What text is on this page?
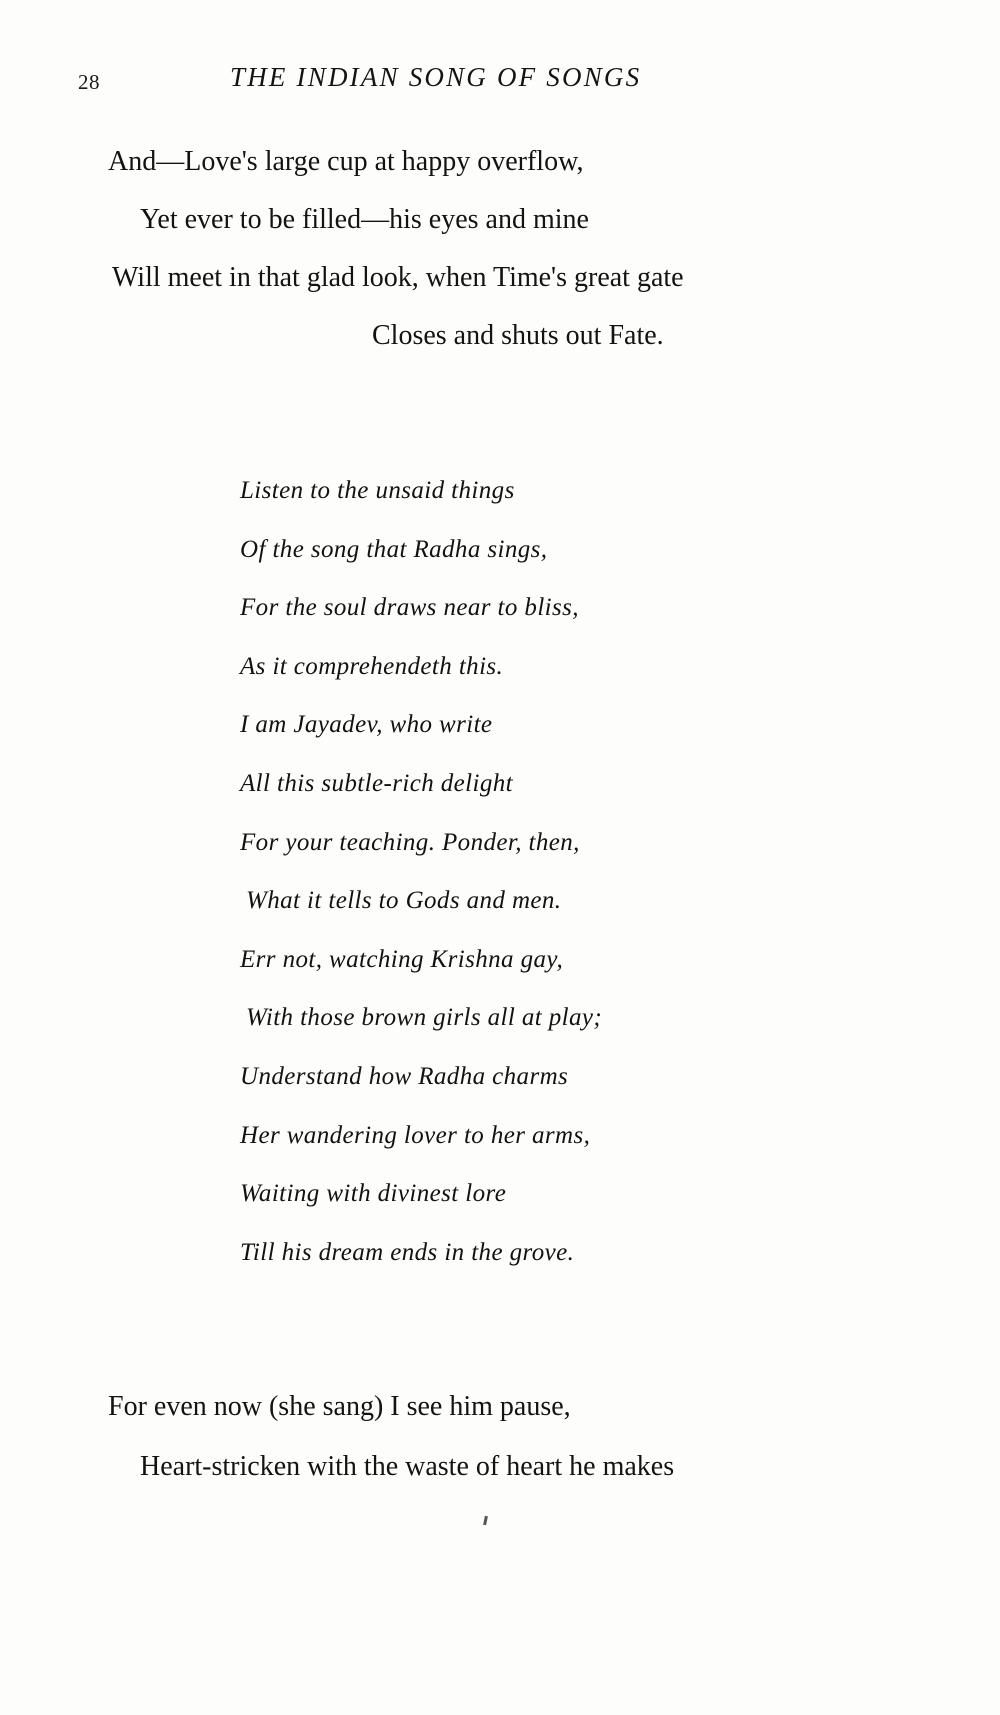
28	THE INDIAN SONG OF SONGS
And—Love's large cup at happy overflow,
Yet ever to be filled—his eyes and mine
Will meet in that glad look, when Time's great gate
Closes and shuts out Fate.
Listen to the unsaid things
Of the song that Radha sings,
For the soul draws near to bliss,
As it comprehendeth this.
I am Jayadev, who write
All this subtle-rich delight
For your teaching. Ponder, then,
What it tells to Gods and men.
Err not, watching Krishna gay,
With those brown girls all at play;
Understand how Radha charms
Her wandering lover to her arms,
Waiting with divinest lore
Till his dream ends in the grove.
For even now (she sang) I see him pause,
Heart-stricken with the waste of heart he makes
